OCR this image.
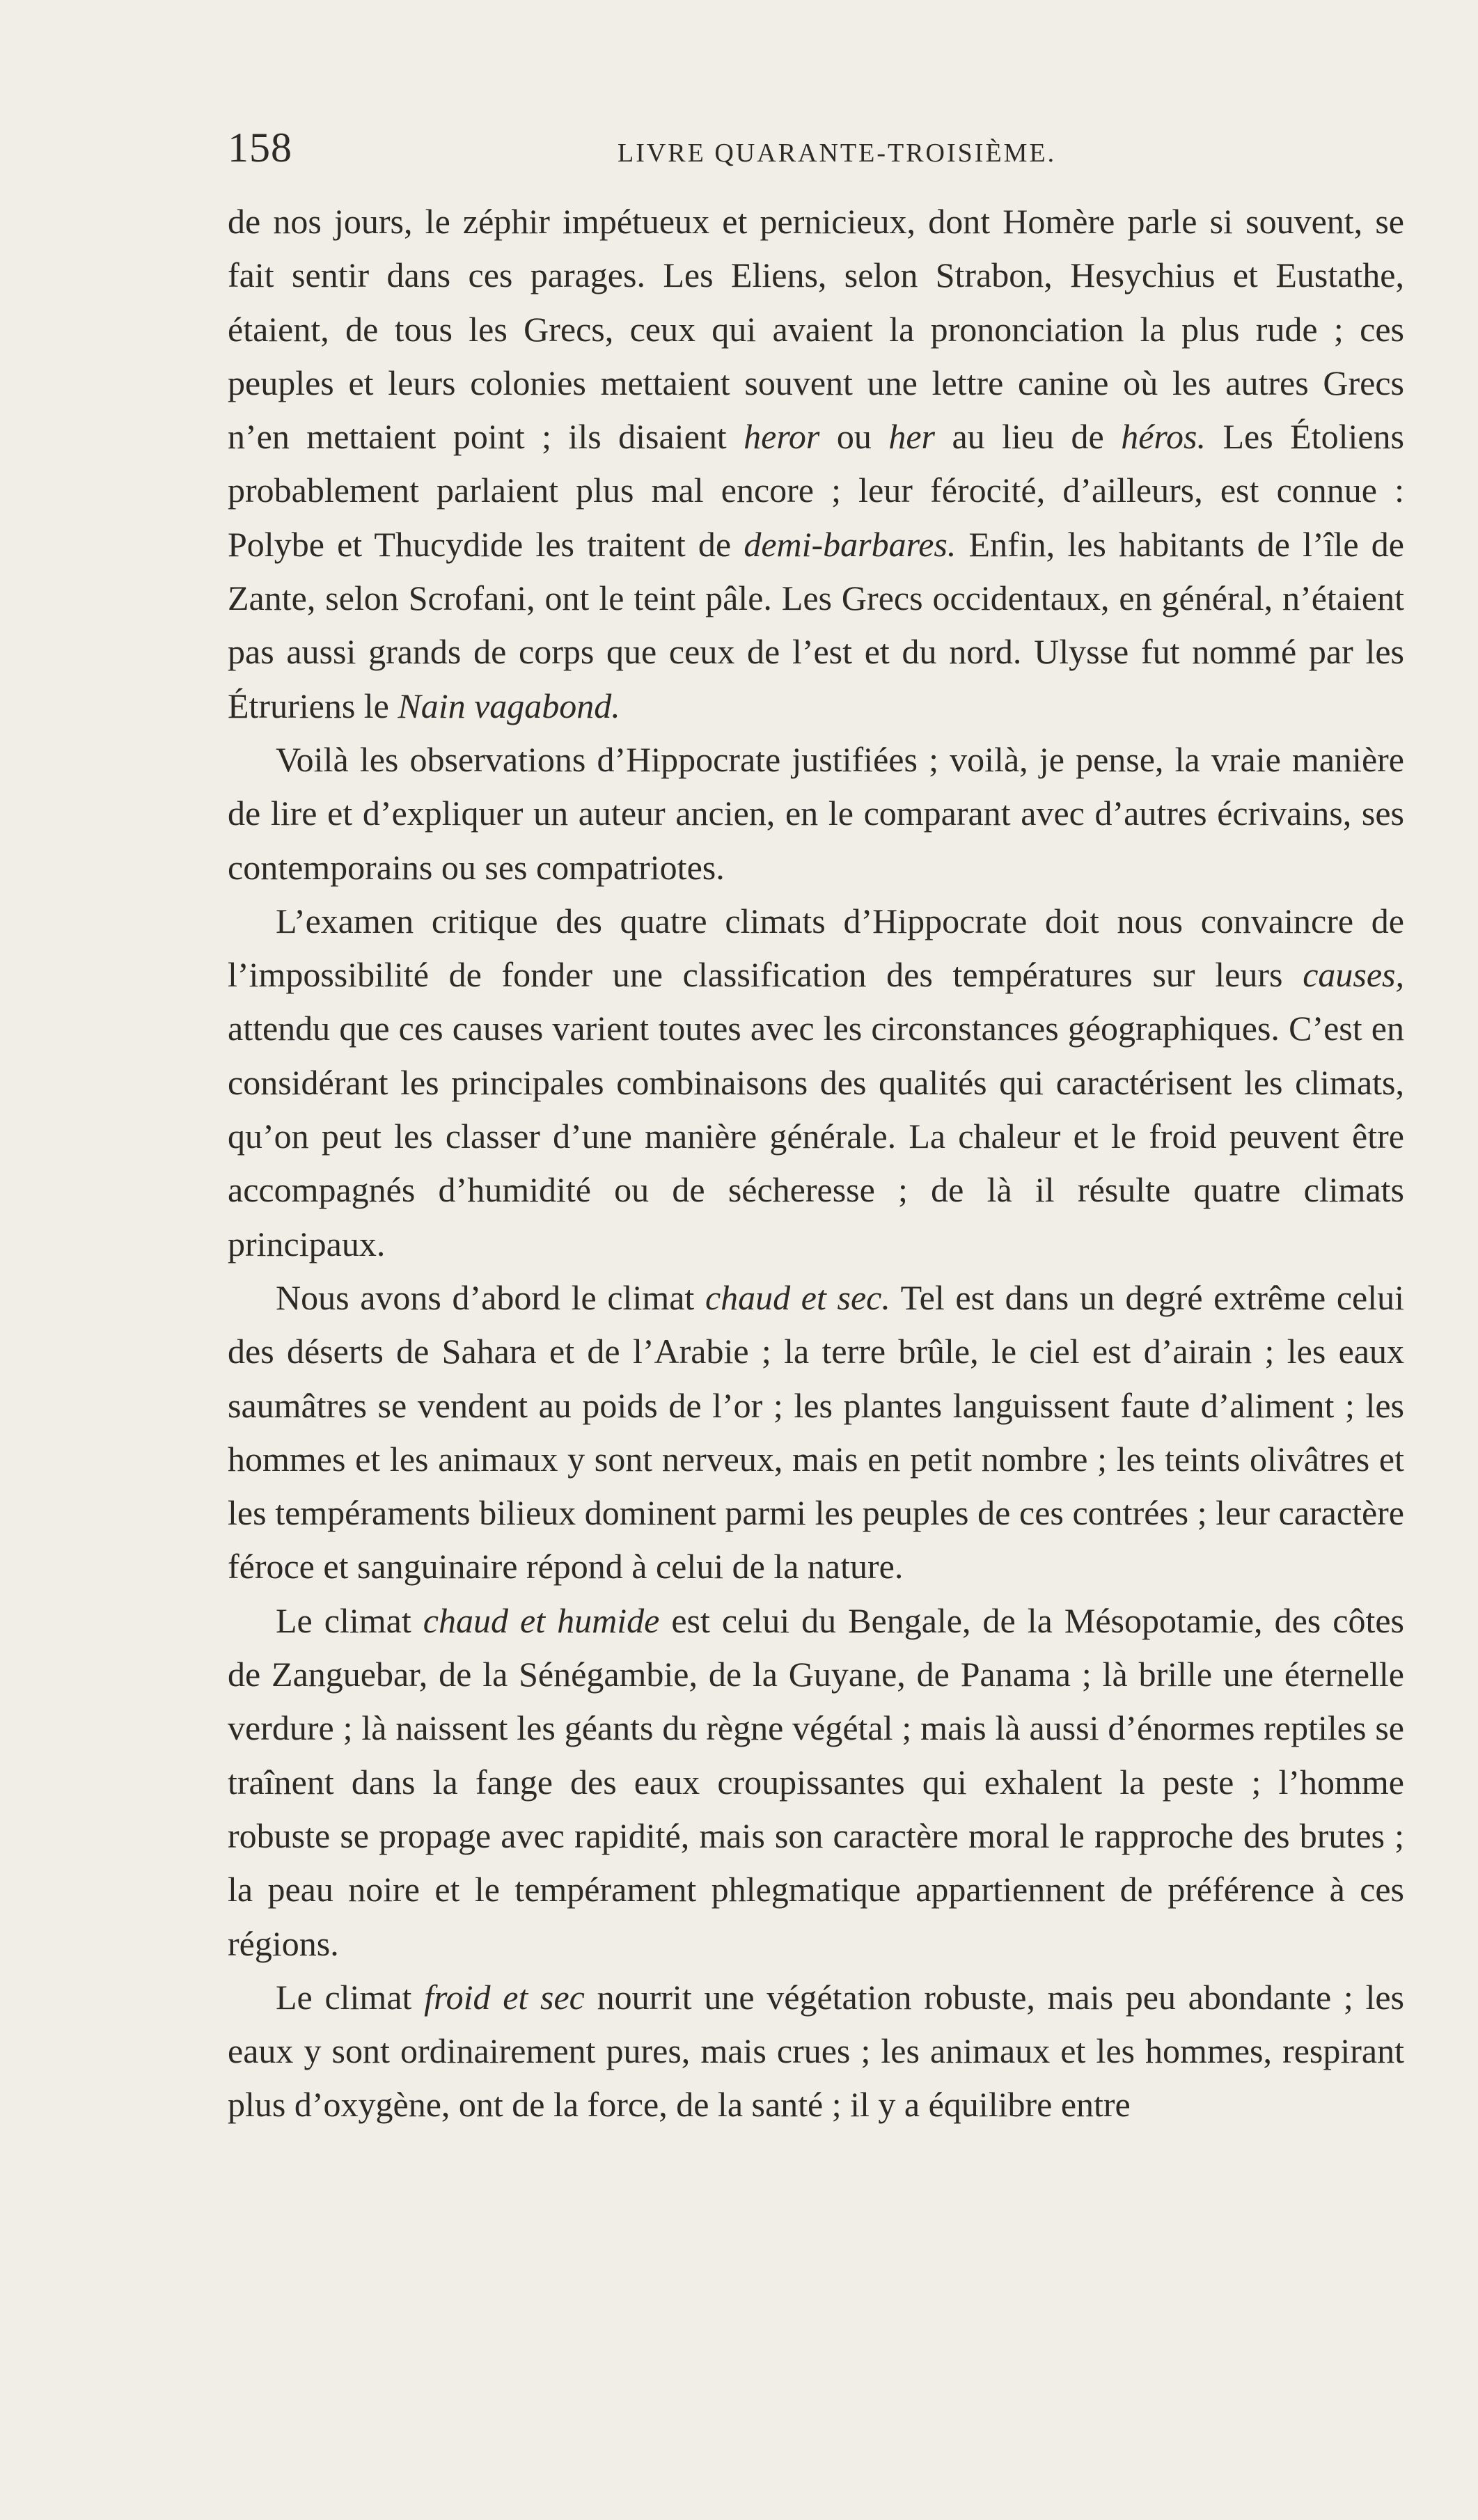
158	LIVRE QUARANTE-TROISIÈME.

de nos jours, le zéphir impétueux et pernicieux, dont Homère parle si souvent, se fait sentir dans ces parages. Les Eliens, selon Strabon, Hesychius et Eustathe, étaient, de tous les Grecs, ceux qui avaient la prononciation la plus rude ; ces peuples et leurs colonies mettaient souvent une lettre canine où les autres Grecs n’en mettaient point ; ils disaient heror ou her au lieu de héros. Les Étoliens probablement parlaient plus mal encore ; leur férocité, d’ailleurs, est connue : Polybe et Thucydide les traitent de demi-barbares. Enfin, les habitants de l’île de Zante, selon Scrofani, ont le teint pâle. Les Grecs occidentaux, en général, n’étaient pas aussi grands de corps que ceux de l’est et du nord. Ulysse fut nommé par les Étruriens le Nain vagabond.

Voilà les observations d’Hippocrate justifiées ; voilà, je pense, la vraie manière de lire et d’expliquer un auteur ancien, en le comparant avec d’autres écrivains, ses contemporains ou ses compatriotes.

L’examen critique des quatre climats d’Hippocrate doit nous convaincre de l’impossibilité de fonder une classification des températures sur leurs causes, attendu que ces causes varient toutes avec les circonstances géographiques. C’est en considérant les principales combinaisons des qualités qui caractérisent les climats, qu’on peut les classer d’une manière générale. La chaleur et le froid peuvent être accompagnés d’humidité ou de sécheresse ; de là il résulte quatre climats principaux.

Nous avons d’abord le climat chaud et sec. Tel est dans un degré extrême celui des déserts de Sahara et de l’Arabie ; la terre brûle, le ciel est d’airain ; les eaux saumâtres se vendent au poids de l’or ; les plantes languissent faute d’aliment ; les hommes et les animaux y sont nerveux, mais en petit nombre ; les teints olivâtres et les tempéraments bilieux dominent parmi les peuples de ces contrées ; leur caractère féroce et sanguinaire répond à celui de la nature.

Le climat chaud et humide est celui du Bengale, de la Mésopotamie, des côtes de Zanguebar, de la Sénégambie, de la Guyane, de Panama ; là brille une éternelle verdure ; là naissent les géants du règne végétal ; mais là aussi d’énormes reptiles se traînent dans la fange des eaux croupissantes qui exhalent la peste ; l’homme robuste se propage avec rapidité, mais son caractère moral le rapproche des brutes ; la peau noire et le tempérament phlegmatique appartiennent de préférence à ces régions.

Le climat froid et sec nourrit une végétation robuste, mais peu abondante ; les eaux y sont ordinairement pures, mais crues ; les animaux et les hommes, respirant plus d’oxygène, ont de la force, de la santé ; il y a équilibre entre
